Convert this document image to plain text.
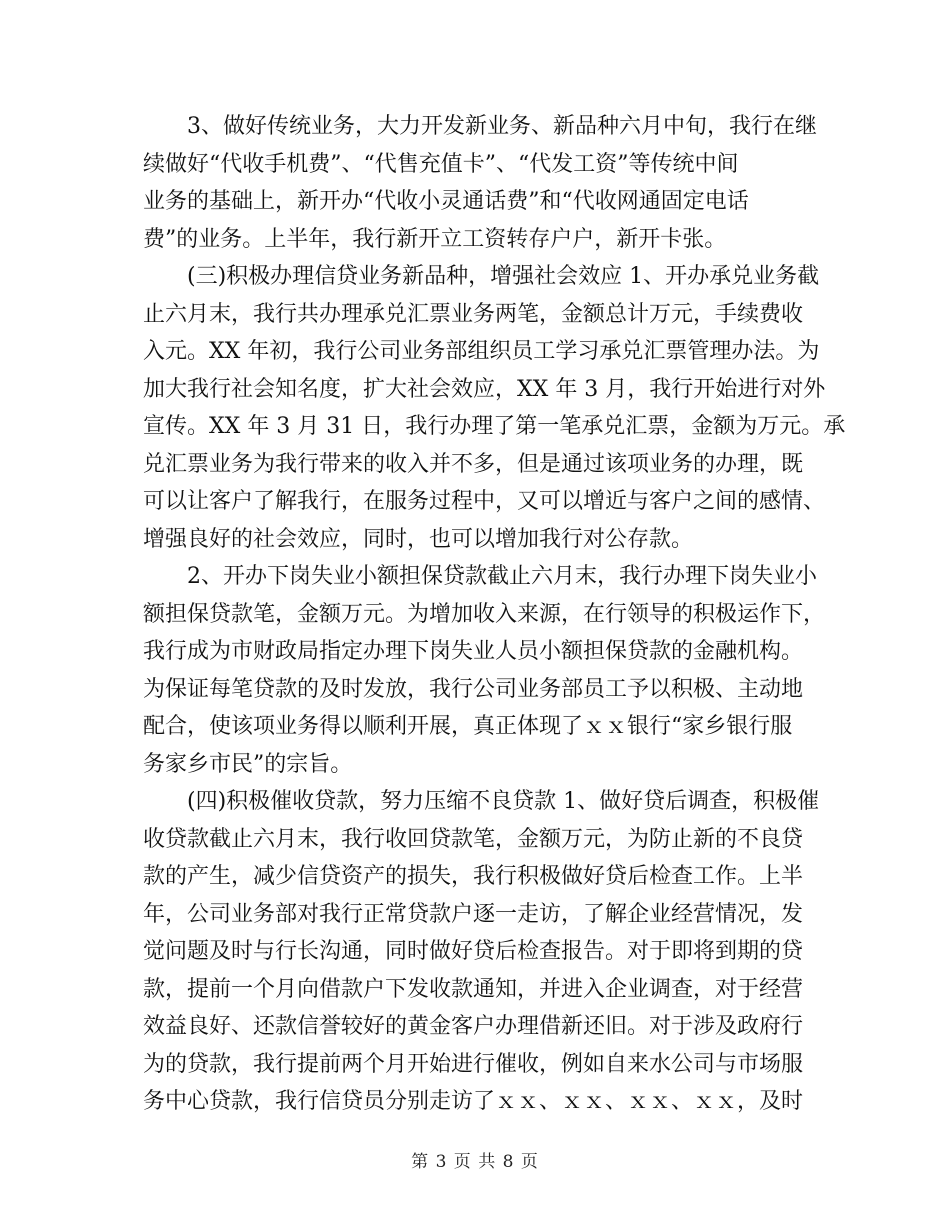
3、做好传统业务，大力开发新业务、新品种六月中旬，我行在继
续做好“代收手机费”、“代售充值卡”、“代发工资”等传统中间
业务的基础上，新开办“代收小灵通话费”和“代收网通固定电话
费”的业务。上半年，我行新开立工资转存户户，新开卡张。
(三)积极办理信贷业务新品种，增强社会效应 1、开办承兑业务截
止六月末，我行共办理承兑汇票业务两笔，金额总计万元，手续费收
入元。XX 年初，我行公司业务部组织员工学习承兑汇票管理办法。为
加大我行社会知名度，扩大社会效应，XX 年 3 月，我行开始进行对外
宣传。XX 年 3 月 31 日，我行办理了第一笔承兑汇票，金额为万元。承
兑汇票业务为我行带来的收入并不多，但是通过该项业务的办理，既
可以让客户了解我行，在服务过程中，又可以增近与客户之间的感情、
增强良好的社会效应，同时，也可以增加我行对公存款。
2、开办下岗失业小额担保贷款截止六月末，我行办理下岗失业小
额担保贷款笔，金额万元。为增加收入来源，在行领导的积极运作下，
我行成为市财政局指定办理下岗失业人员小额担保贷款的金融机构。
为保证每笔贷款的及时发放，我行公司业务部员工予以积极、主动地
配合，使该项业务得以顺利开展，真正体现了ｘｘ银行“家乡银行服
务家乡市民”的宗旨。
(四)积极催收贷款，努力压缩不良贷款 1、做好贷后调查，积极催
收贷款截止六月末，我行收回贷款笔，金额万元，为防止新的不良贷
款的产生，减少信贷资产的损失，我行积极做好贷后检查工作。上半
年，公司业务部对我行正常贷款户逐一走访，了解企业经营情况，发
觉问题及时与行长沟通，同时做好贷后检查报告。对于即将到期的贷
款，提前一个月向借款户下发收款通知，并进入企业调查，对于经营
效益良好、还款信誉较好的黄金客户办理借新还旧。对于涉及政府行
为的贷款，我行提前两个月开始进行催收，例如自来水公司与市场服
务中心贷款，我行信贷员分别走访了ｘｘ、ｘｘ、ｘｘ、ｘｘ，及时
第 3 页 共 8 页
